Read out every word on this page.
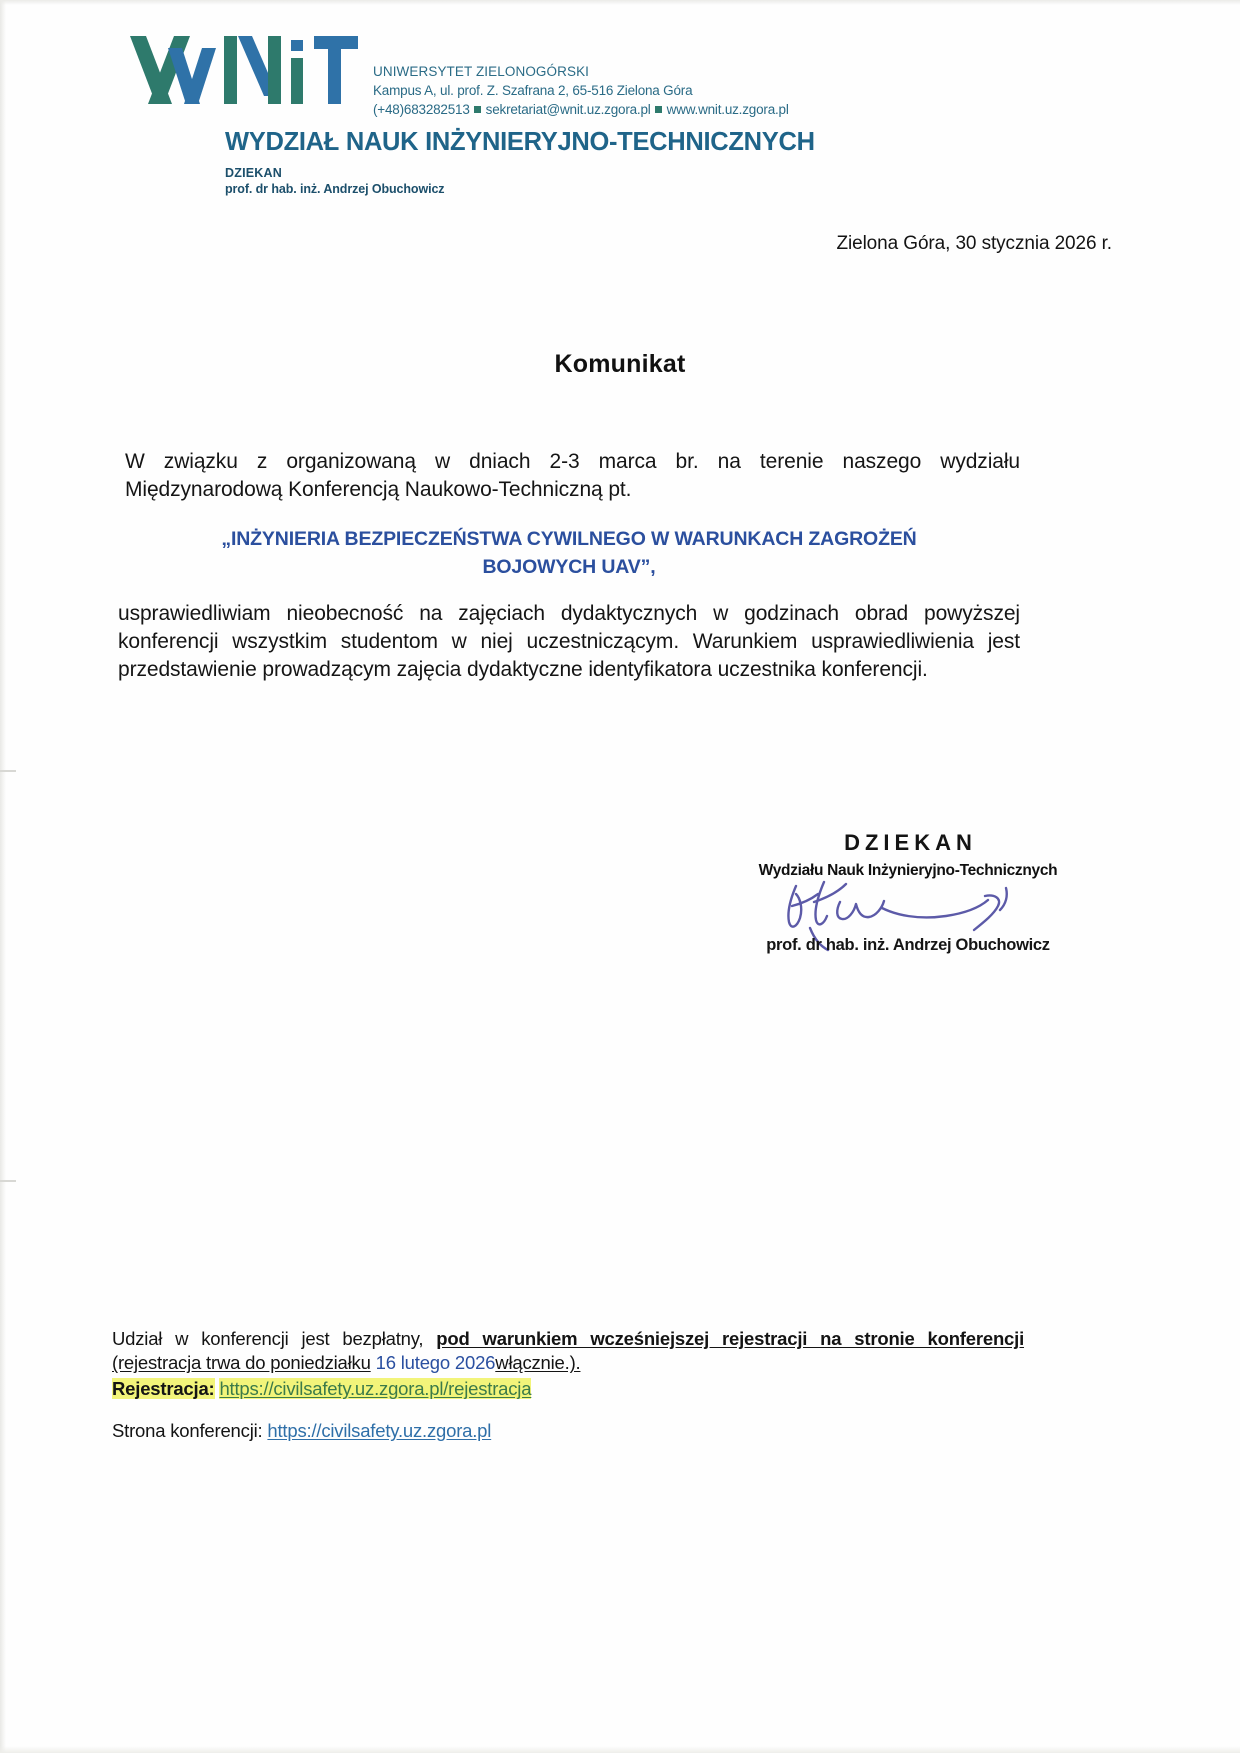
UNIWERSYTET ZIELONOGÓRSKI
Kampus A, ul. prof. Z. Szafrana 2, 65-516 Zielona Góra
(+48)683282513 sekretariat@wnit.uz.zgora.pl www.wnit.uz.zgora.pl
WYDZIAŁ NAUK INŻYNIERYJNO-TECHNICZNYCH
DZIEKAN
prof. dr hab. inż. Andrzej Obuchowicz
Zielona Góra, 30 stycznia 2026 r.
Komunikat

W związku z organizowaną w dniach 2-3 marca br. na terenie naszego wydziału Międzynarodową Konferencją Naukowo-Techniczną pt.

„INŻYNIERIA BEZPIECZEŃSTWA CYWILNEGO W WARUNKACH ZAGROŻEŃ
BOJOWYCH UAV”,

usprawiedliwiam nieobecność na zajęciach dydaktycznych w godzinach obrad powyższej konferencji wszystkim studentom w niej uczestniczącym. Warunkiem usprawiedliwienia jest przedstawienie prowadzącym zajęcia dydaktyczne identyfikatora uczestnika konferencji.

DZIEKAN
Wydziału Nauk Inżynieryjno-Technicznych
prof. dr hab. inż. Andrzej Obuchowicz
Udział w konferencji jest bezpłatny, pod warunkiem wcześniejszej rejestracji na stronie konferencji
(rejestracja trwa do poniedziałku 16 lutego 2026włącznie.).
Rejestracja: https://civilsafety.uz.zgora.pl/rejestracja
Strona konferencji: https://civilsafety.uz.zgora.pl
